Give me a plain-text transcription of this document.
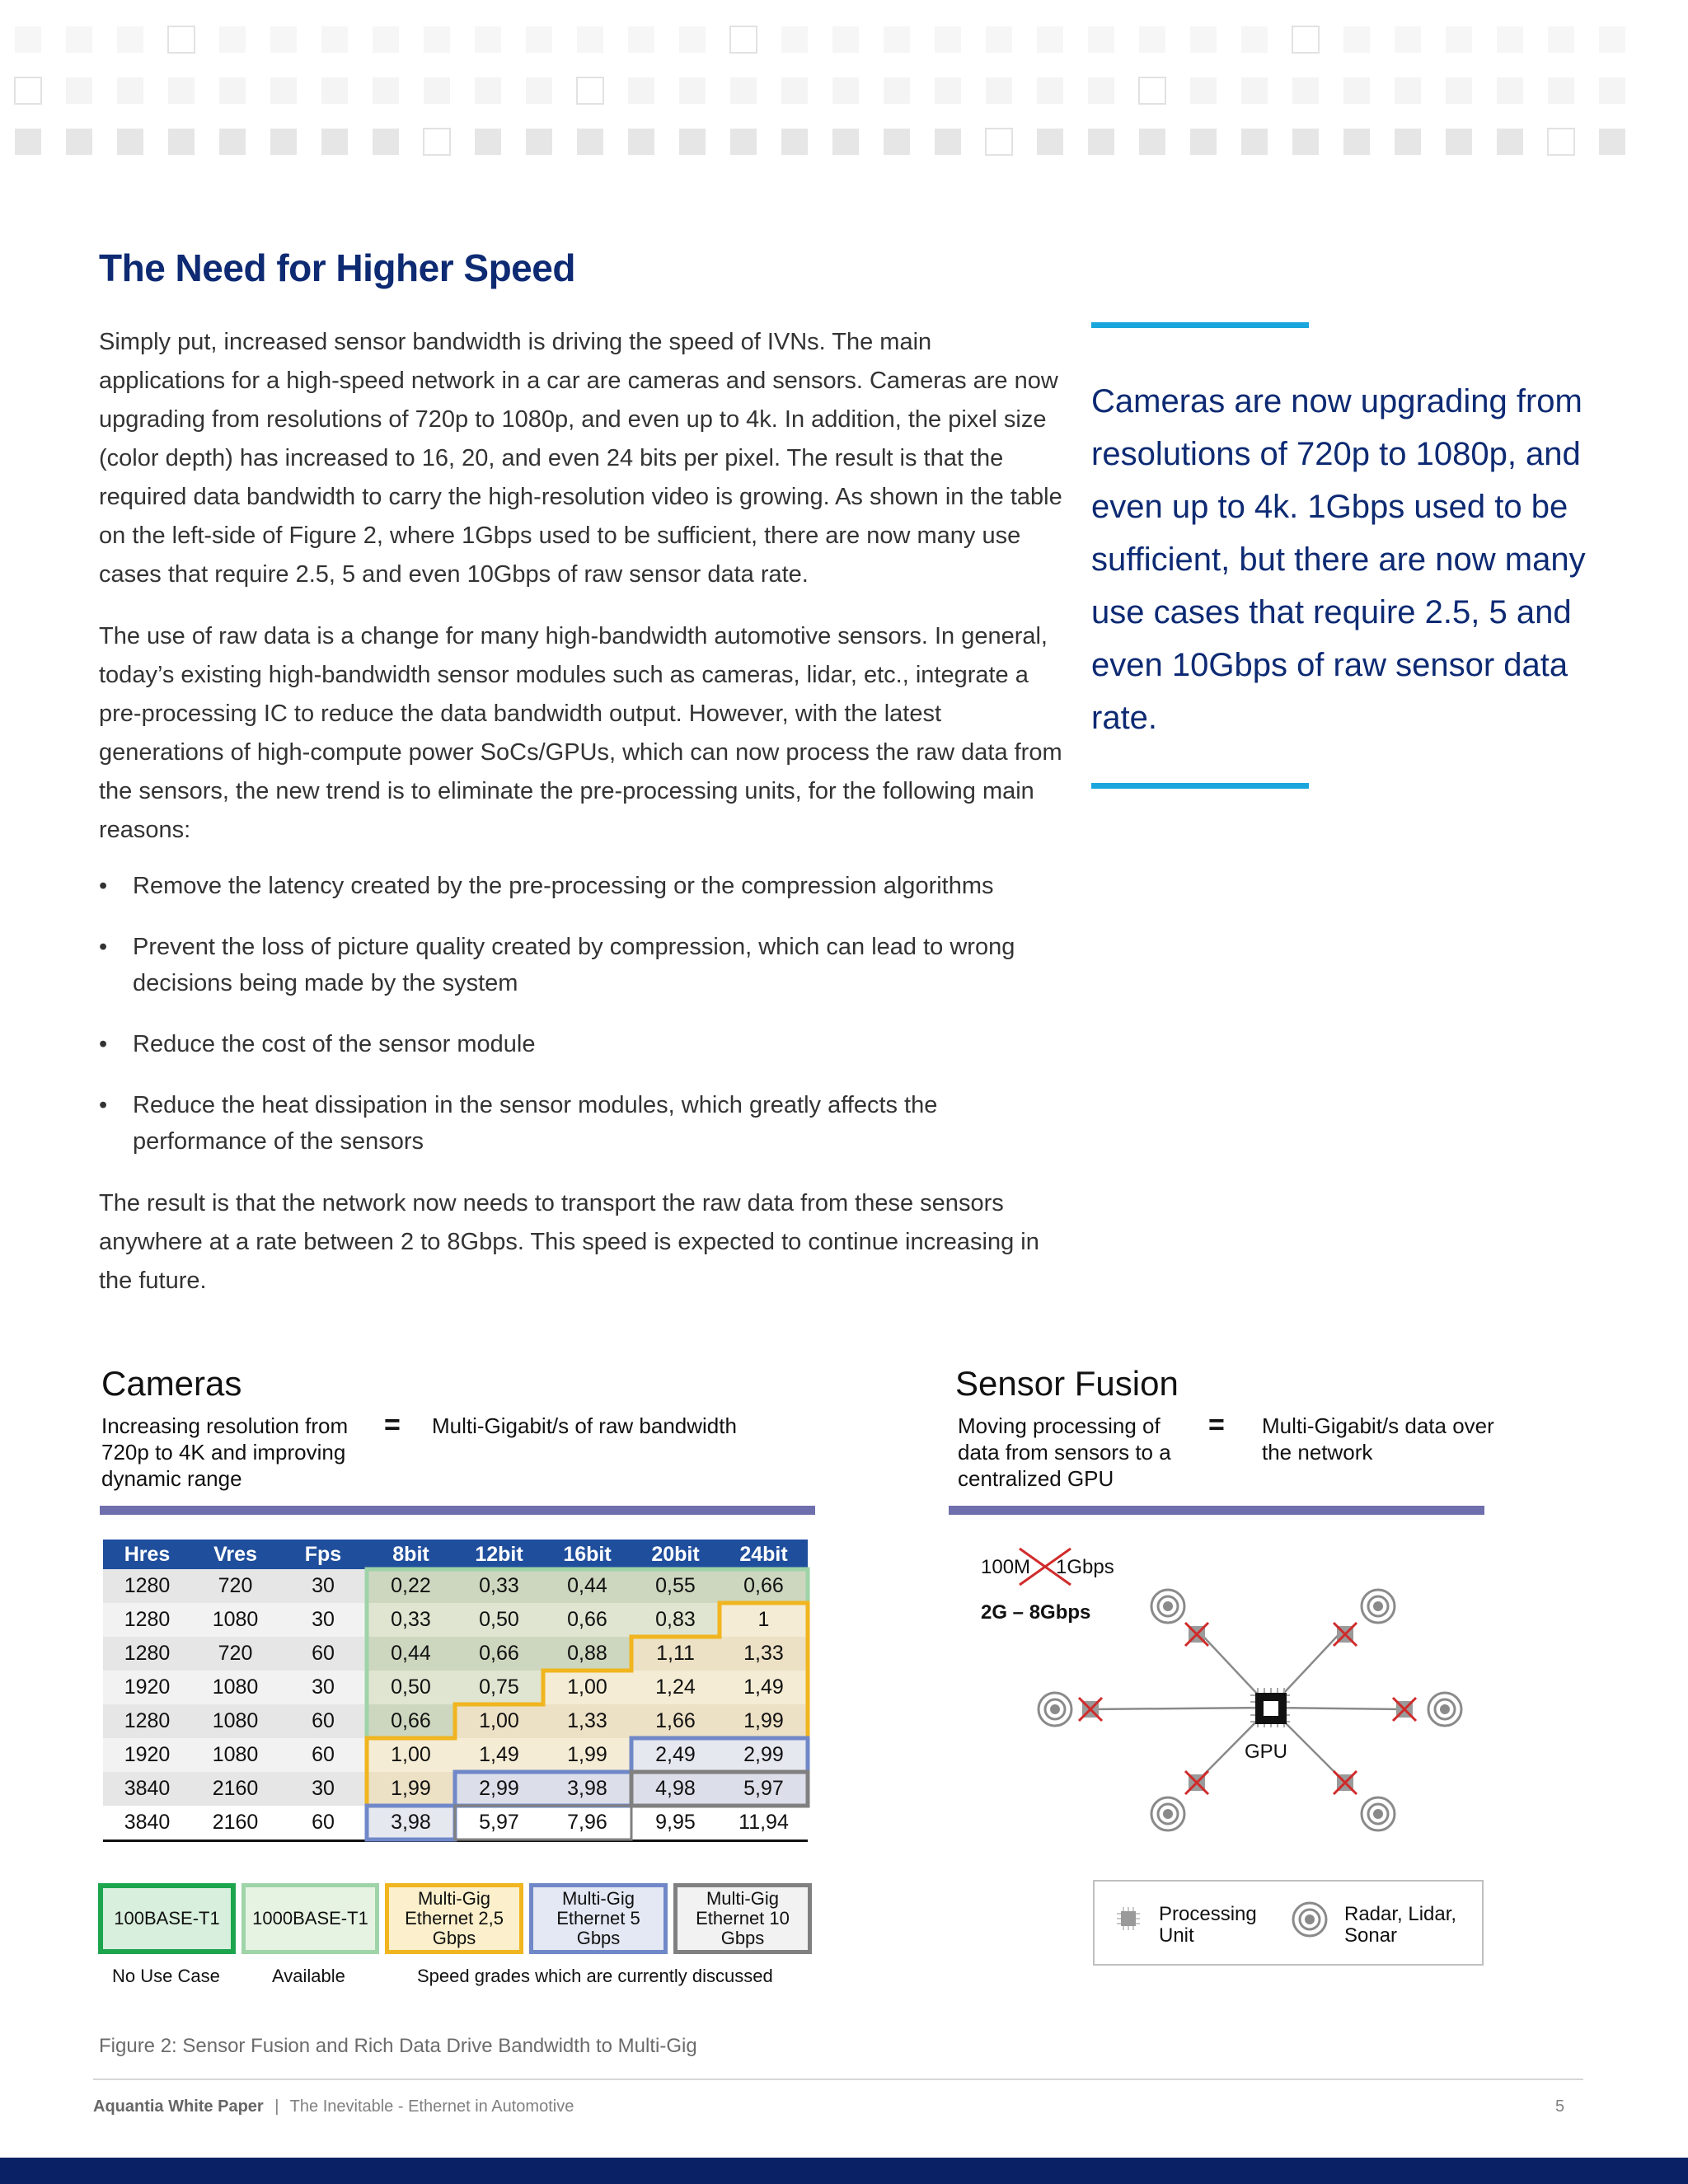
The Need for Higher Speed

Simply put, increased sensor bandwidth is driving the speed of IVNs. The main applications for a high-speed network in a car are cameras and sensors. Cameras are now upgrading from resolutions of 720p to 1080p, and even up to 4k. In addition, the pixel size (color depth) has increased to 16, 20, and even 24 bits per pixel. The result is that the required data bandwidth to carry the high-resolution video is growing. As shown in the table on the left-side of Figure 2, where 1Gbps used to be sufficient, there are now many use cases that require 2.5, 5 and even 10Gbps of raw sensor data rate.

The use of raw data is a change for many high-bandwidth automotive sensors. In general, today’s existing high-bandwidth sensor modules such as cameras, lidar, etc., integrate a pre-processing IC to reduce the data bandwidth output. However, with the latest generations of high-compute power SoCs/GPUs, which can now process the raw data from the sensors, the new trend is to eliminate the pre-processing units, for the following main reasons:

• Remove the latency created by the pre-processing or the compression algorithms
• Prevent the loss of picture quality created by compression, which can lead to wrong decisions being made by the system
• Reduce the cost of the sensor module
• Reduce the heat dissipation in the sensor modules, which greatly affects the performance of the sensors

The result is that the network now needs to transport the raw data from these sensors anywhere at a rate between 2 to 8Gbps. This speed is expected to continue increasing in the future.

Cameras are now upgrading from resolutions of 720p to 1080p, and even up to 4k. 1Gbps used to be sufficient, but there are now many use cases that require 2.5, 5 and even 10Gbps of raw sensor data rate.
Cameras
Increasing resolution from 720p to 4K and improving dynamic range
= Multi-Gigabit/s of raw bandwidth
Hres	Vres	Fps	8bit	12bit	16bit	20bit	24bit
1280	720	30	0,22	0,33	0,44	0,55	0,66
1280	1080	30	0,33	0,50	0,66	0,83	1
1280	720	60	0,44	0,66	0,88	1,11	1,33
1920	1080	30	0,50	0,75	1,00	1,24	1,49
1280	1080	60	0,66	1,00	1,33	1,66	1,99
1920	1080	60	1,00	1,49	1,99	2,49	2,99
3840	2160	30	1,99	2,99	3,98	4,98	5,97
3840	2160	60	3,98	5,97	7,96	9,95	11,94
100BASE-T1	1000BASE-T1
Multi-Gig Ethernet 2,5 Gbps
Multi-Gig Ethernet 5 Gbps
Multi-Gig Ethernet 10 Gbps
No Use Case	Available	Speed grades which are currently discussed
Sensor Fusion
Moving processing of data from sensors to a centralized GPU
= Multi-Gigabit/s data over the network
100M 1Gbps
2G – 8Gbps
GPU
Processing Unit
Radar, Lidar, Sonar
Figure 2: Sensor Fusion and Rich Data Drive Bandwidth to Multi-Gig
Aquantia White Paper | The Inevitable - Ethernet in Automotive	5
